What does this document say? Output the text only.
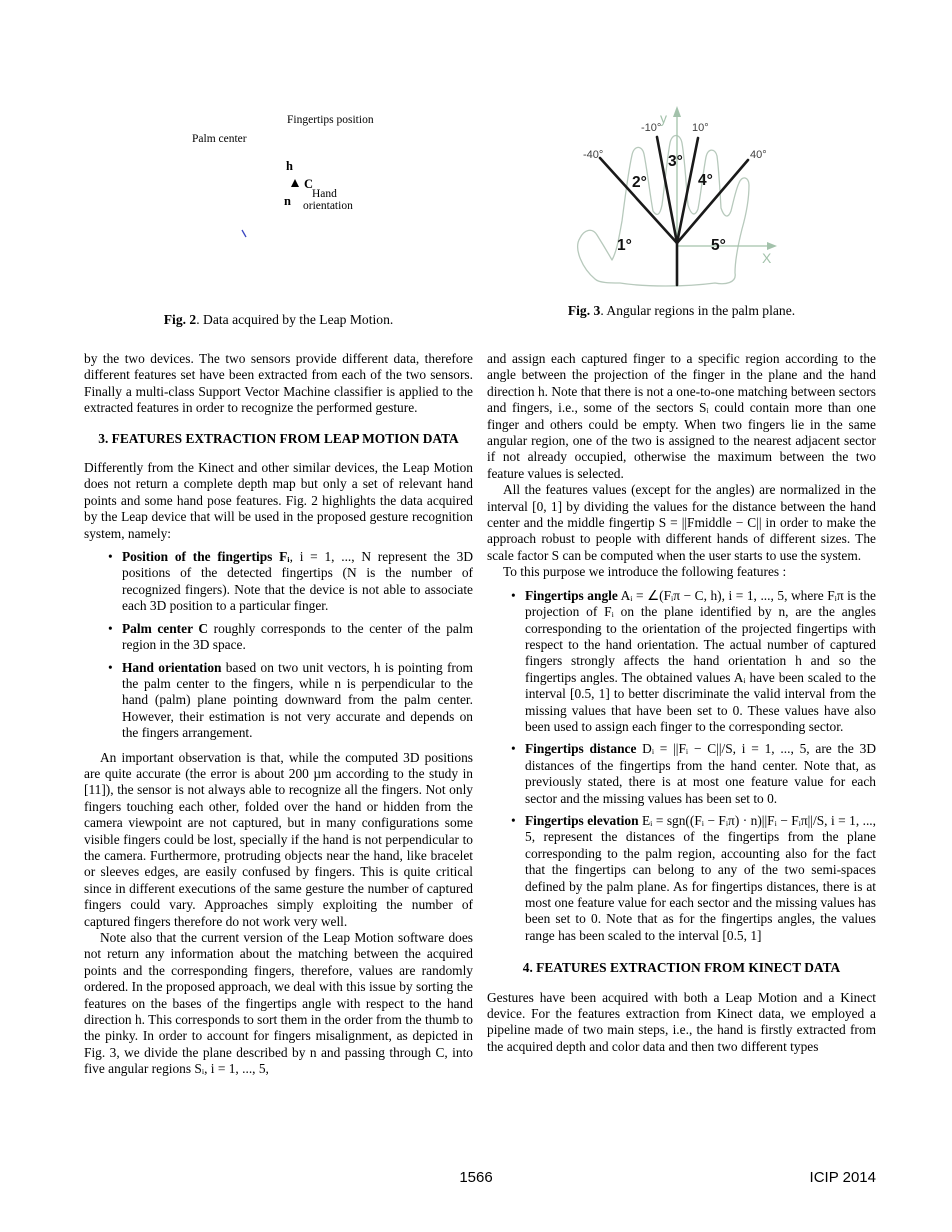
Fingertips position
Palm center
h
C
n Hand
orientation
Fig. 2. Data acquired by the Leap Motion.
y
X
-40°
-10°	10°
40°
1°
2°
3°
4°
5°
Fig. 3. Angular regions in the palm plane.

by the two devices. The two sensors provide different data, therefore different features set have been extracted from each of the two sensors. Finally a multi-class Support Vector Machine classifier is applied to the extracted features in order to recognize the performed gesture.

3. FEATURES EXTRACTION FROM LEAP MOTION DATA

Differently from the Kinect and other similar devices, the Leap Motion does not return a complete depth map but only a set of relevant hand points and some hand pose features. Fig. 2 highlights the data acquired by the Leap device that will be used in the proposed gesture recognition system, namely:

• Position of the fingertips Fᵢ, i = 1, ..., N represent the 3D positions of the detected fingertips (N is the number of recognized fingers). Note that the device is not able to associate each 3D position to a particular finger.
• Palm center C roughly corresponds to the center of the palm region in the 3D space.
• Hand orientation based on two unit vectors, h is pointing from the palm center to the fingers, while n is perpendicular to the hand (palm) plane pointing downward from the palm center. However, their estimation is not very accurate and depends on the fingers arrangement.

An important observation is that, while the computed 3D positions are quite accurate (the error is about 200 µm according to the study in [11]), the sensor is not always able to recognize all the fingers. Not only fingers touching each other, folded over the hand or hidden from the camera viewpoint are not captured, but in many configurations some visible fingers could be lost, specially if the hand is not perpendicular to the camera. Furthermore, protruding objects near the hand, like bracelet or sleeves edges, are easily confused by fingers. This is quite critical since in different executions of the same gesture the number of captured fingers could vary. Approaches simply exploiting the number of captured fingers therefore do not work very well.

Note also that the current version of the Leap Motion software does not return any information about the matching between the acquired points and the corresponding fingers, therefore, values are randomly ordered. In the proposed approach, we deal with this issue by sorting the features on the bases of the fingertips angle with respect to the hand direction h. This corresponds to sort them in the order from the thumb to the pinky. In order to account for fingers misalignment, as depicted in Fig. 3, we divide the plane described by n and passing through C, into five angular regions Sᵢ, i = 1, ..., 5,

and assign each captured finger to a specific region according to the angle between the projection of the finger in the plane and the hand direction h. Note that there is not a one-to-one matching between sectors and fingers, i.e., some of the sectors Sᵢ could contain more than one finger and others could be empty. When two fingers lie in the same angular region, one of the two is assigned to the nearest adjacent sector if not already occupied, otherwise the maximum between the two feature values is selected.

All the features values (except for the angles) are normalized in the interval [0, 1] by dividing the values for the distance between the hand center and the middle fingertip S = ||Fmiddle − C|| in order to make the approach robust to people with different hands of different sizes. The scale factor S can be computed when the user starts to use the system.

To this purpose we introduce the following features :

• Fingertips angle Aᵢ = ∠(Fᵢπ − C, h), i = 1, ..., 5, where Fᵢπ is the projection of Fᵢ on the plane identified by n, are the angles corresponding to the orientation of the projected fingertips with respect to the hand orientation. The actual number of captured fingers strongly affects the hand orientation h and so the fingertips angles. The obtained values Aᵢ have been scaled to the interval [0.5, 1] to better discriminate the valid interval from the missing values that have been set to 0. These values have also been used to assign each finger to the corresponding sector.
• Fingertips distance Dᵢ = ||Fᵢ − C||/S, i = 1, ..., 5, are the 3D distances of the fingertips from the hand center. Note that, as previously stated, there is at most one feature value for each sector and the missing values has been set to 0.
• Fingertips elevation Eᵢ = sgn((Fᵢ − Fᵢπ) · n)||Fᵢ − Fᵢπ||/S, i = 1, ..., 5, represent the distances of the fingertips from the plane corresponding to the palm region, accounting also for the fact that the fingertips can belong to any of the two semi-spaces defined by the palm plane. As for fingertips distances, there is at most one feature value for each sector and the missing values has been set to 0. Note that as for the fingertips angles, the values range has been scaled to the interval [0.5, 1]
4. FEATURES EXTRACTION FROM KINECT DATA

Gestures have been acquired with both a Leap Motion and a Kinect device. For the features extraction from Kinect data, we employed a pipeline made of two main steps, i.e., the hand is firstly extracted from the acquired depth and color data and then two different types

1566	ICIP 2014
